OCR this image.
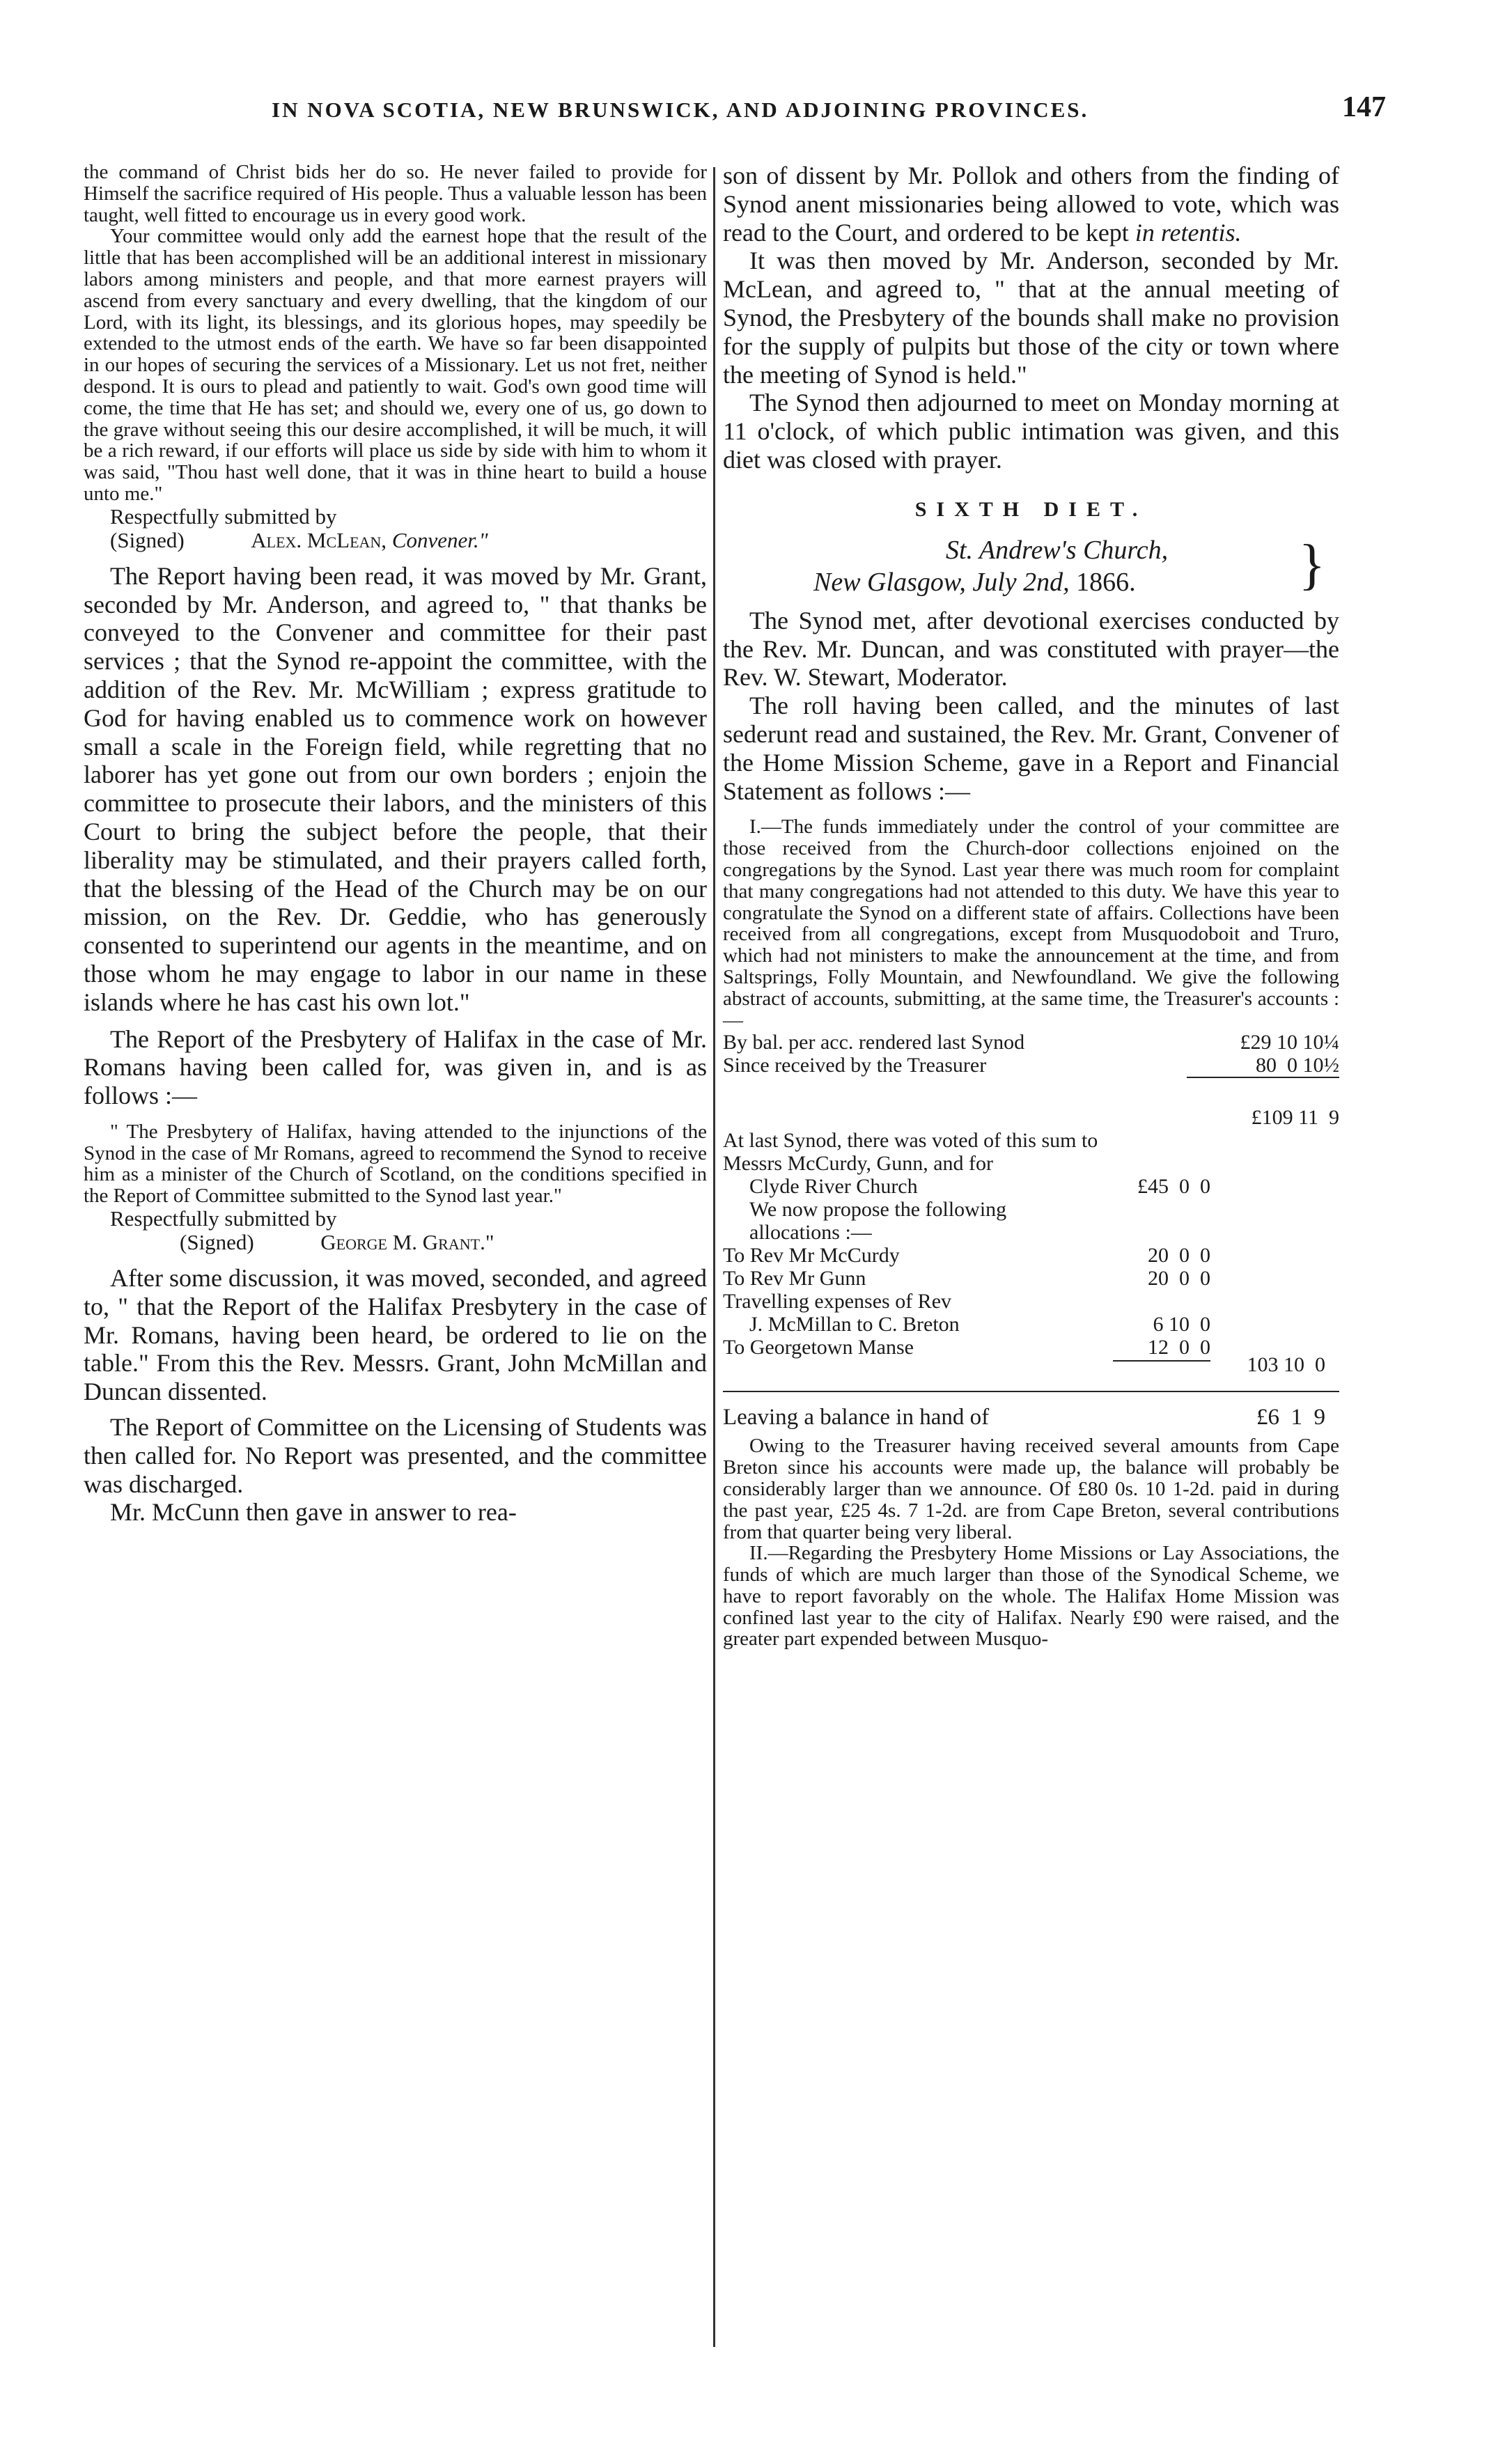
IN NOVA SCOTIA, NEW BRUNSWICK, AND ADJOINING PROVINCES.	147

the command of Christ bids her do so. He never failed to provide for Himself the sacrifice required of His people. Thus a valuable lesson has been taught, well fitted to encourage us in every good work.

Your committee would only add the earnest hope that the result of the little that has been accomplished will be an additional interest in missionary labors among ministers and people, and that more earnest prayers will ascend from every sanctuary and every dwelling, that the kingdom of our Lord, with its light, its blessings, and its glorious hopes, may speedily be extended to the utmost ends of the earth. We have so far been disappointed in our hopes of securing the services of a Missionary. Let us not fret, neither despond. It is ours to plead and patiently to wait. God's own good time will come, the time that He has set; and should we, every one of us, go down to the grave without seeing this our desire accomplished, it will be much, it will be a rich reward, if our efforts will place us side by side with him to whom it was said, "Thou hast well done, that it was in thine heart to build a house unto me."

Respectfully submitted by
(Signed)	Alex. McLean, Convener."

The Report having been read, it was moved by Mr. Grant, seconded by Mr. Anderson, and agreed to, " that thanks be conveyed to the Convener and committee for their past services ; that the Synod re-appoint the committee, with the addition of the Rev. Mr. McWilliam ; express gratitude to God for having enabled us to commence work on however small a scale in the Foreign field, while regretting that no laborer has yet gone out from our own borders ; enjoin the committee to prosecute their labors, and the ministers of this Court to bring the subject before the people, that their liberality may be stimulated, and their prayers called forth, that the blessing of the Head of the Church may be on our mission, on the Rev. Dr. Geddie, who has generously consented to superintend our agents in the meantime, and on those whom he may engage to labor in our name in these islands where he has cast his own lot."

The Report of the Presbytery of Halifax in the case of Mr. Romans having been called for, was given in, and is as follows :—

" The Presbytery of Halifax, having attended to the injunctions of the Synod in the case of Mr Romans, agreed to recommend the Synod to receive him as a minister of the Church of Scotland, on the conditions specified in the Report of Committee submitted to the Synod last year."

Respectfully submitted by
(Signed)	George M. Grant."

After some discussion, it was moved, seconded, and agreed to, " that the Report of the Halifax Presbytery in the case of Mr. Romans, having been heard, be ordered to lie on the table." From this the Rev. Messrs. Grant, John McMillan and Duncan dissented.

The Report of Committee on the Licensing of Students was then called for. No Report was presented, and the committee was discharged.

Mr. McCunn then gave in answer to rea-

son of dissent by Mr. Pollok and others from the finding of Synod anent missionaries being allowed to vote, which was read to the Court, and ordered to be kept in retentis.

It was then moved by Mr. Anderson, seconded by Mr. McLean, and agreed to, " that at the annual meeting of Synod, the Presbytery of the bounds shall make no provision for the supply of pulpits but those of the city or town where the meeting of Synod is held."

The Synod then adjourned to meet on Monday morning at 11 o'clock, of which public intimation was given, and this diet was closed with prayer.

SIXTH DIET.
St. Andrew's Church,
New Glasgow, July 2nd, 1866.	}

The Synod met, after devotional exercises conducted by the Rev. Mr. Duncan, and was constituted with prayer—the Rev. W. Stewart, Moderator.

The roll having been called, and the minutes of last sederunt read and sustained, the Rev. Mr. Grant, Convener of the Home Mission Scheme, gave in a Report and Financial Statement as follows :—

I.—The funds immediately under the control of your committee are those received from the Church-door collections enjoined on the congregations by the Synod. Last year there was much room for complaint that many congregations had not attended to this duty. We have this year to congratulate the Synod on a different state of affairs. Collections have been received from all congregations, except from Musquodoboit and Truro, which had not ministers to make the announcement at the time, and from Saltsprings, Folly Mountain, and Newfoundland. We give the following abstract of accounts, submitting, at the same time, the Treasurer's accounts :—

By bal. per acc. rendered last Synod	£29 10 10¼
Since received by the Treasurer	80  0 10½
	£109 11  9
At last Synod, there was voted of this sum to Messrs McCurdy, Gunn, and for	
Clyde River Church	£45  0  0
We now propose the following allocations :—	
To Rev Mr McCurdy	20  0  0
To Rev Mr Gunn	20  0  0
Travelling expenses of Rev	
J. McMillan to C. Breton	6 10  0
To Georgetown Manse	12  0  0
103 10  0
Leaving a balance in hand of	£6  1  9

Owing to the Treasurer having received several amounts from Cape Breton since his accounts were made up, the balance will probably be considerably larger than we announce. Of £80 0s. 10 1-2d. paid in during the past year, £25 4s. 7 1-2d. are from Cape Breton, several contributions from that quarter being very liberal.

II.—Regarding the Presbytery Home Missions or Lay Associations, the funds of which are much larger than those of the Synodical Scheme, we have to report favorably on the whole. The Halifax Home Mission was confined last year to the city of Halifax. Nearly £90 were raised, and the greater part expended between Musquo-
